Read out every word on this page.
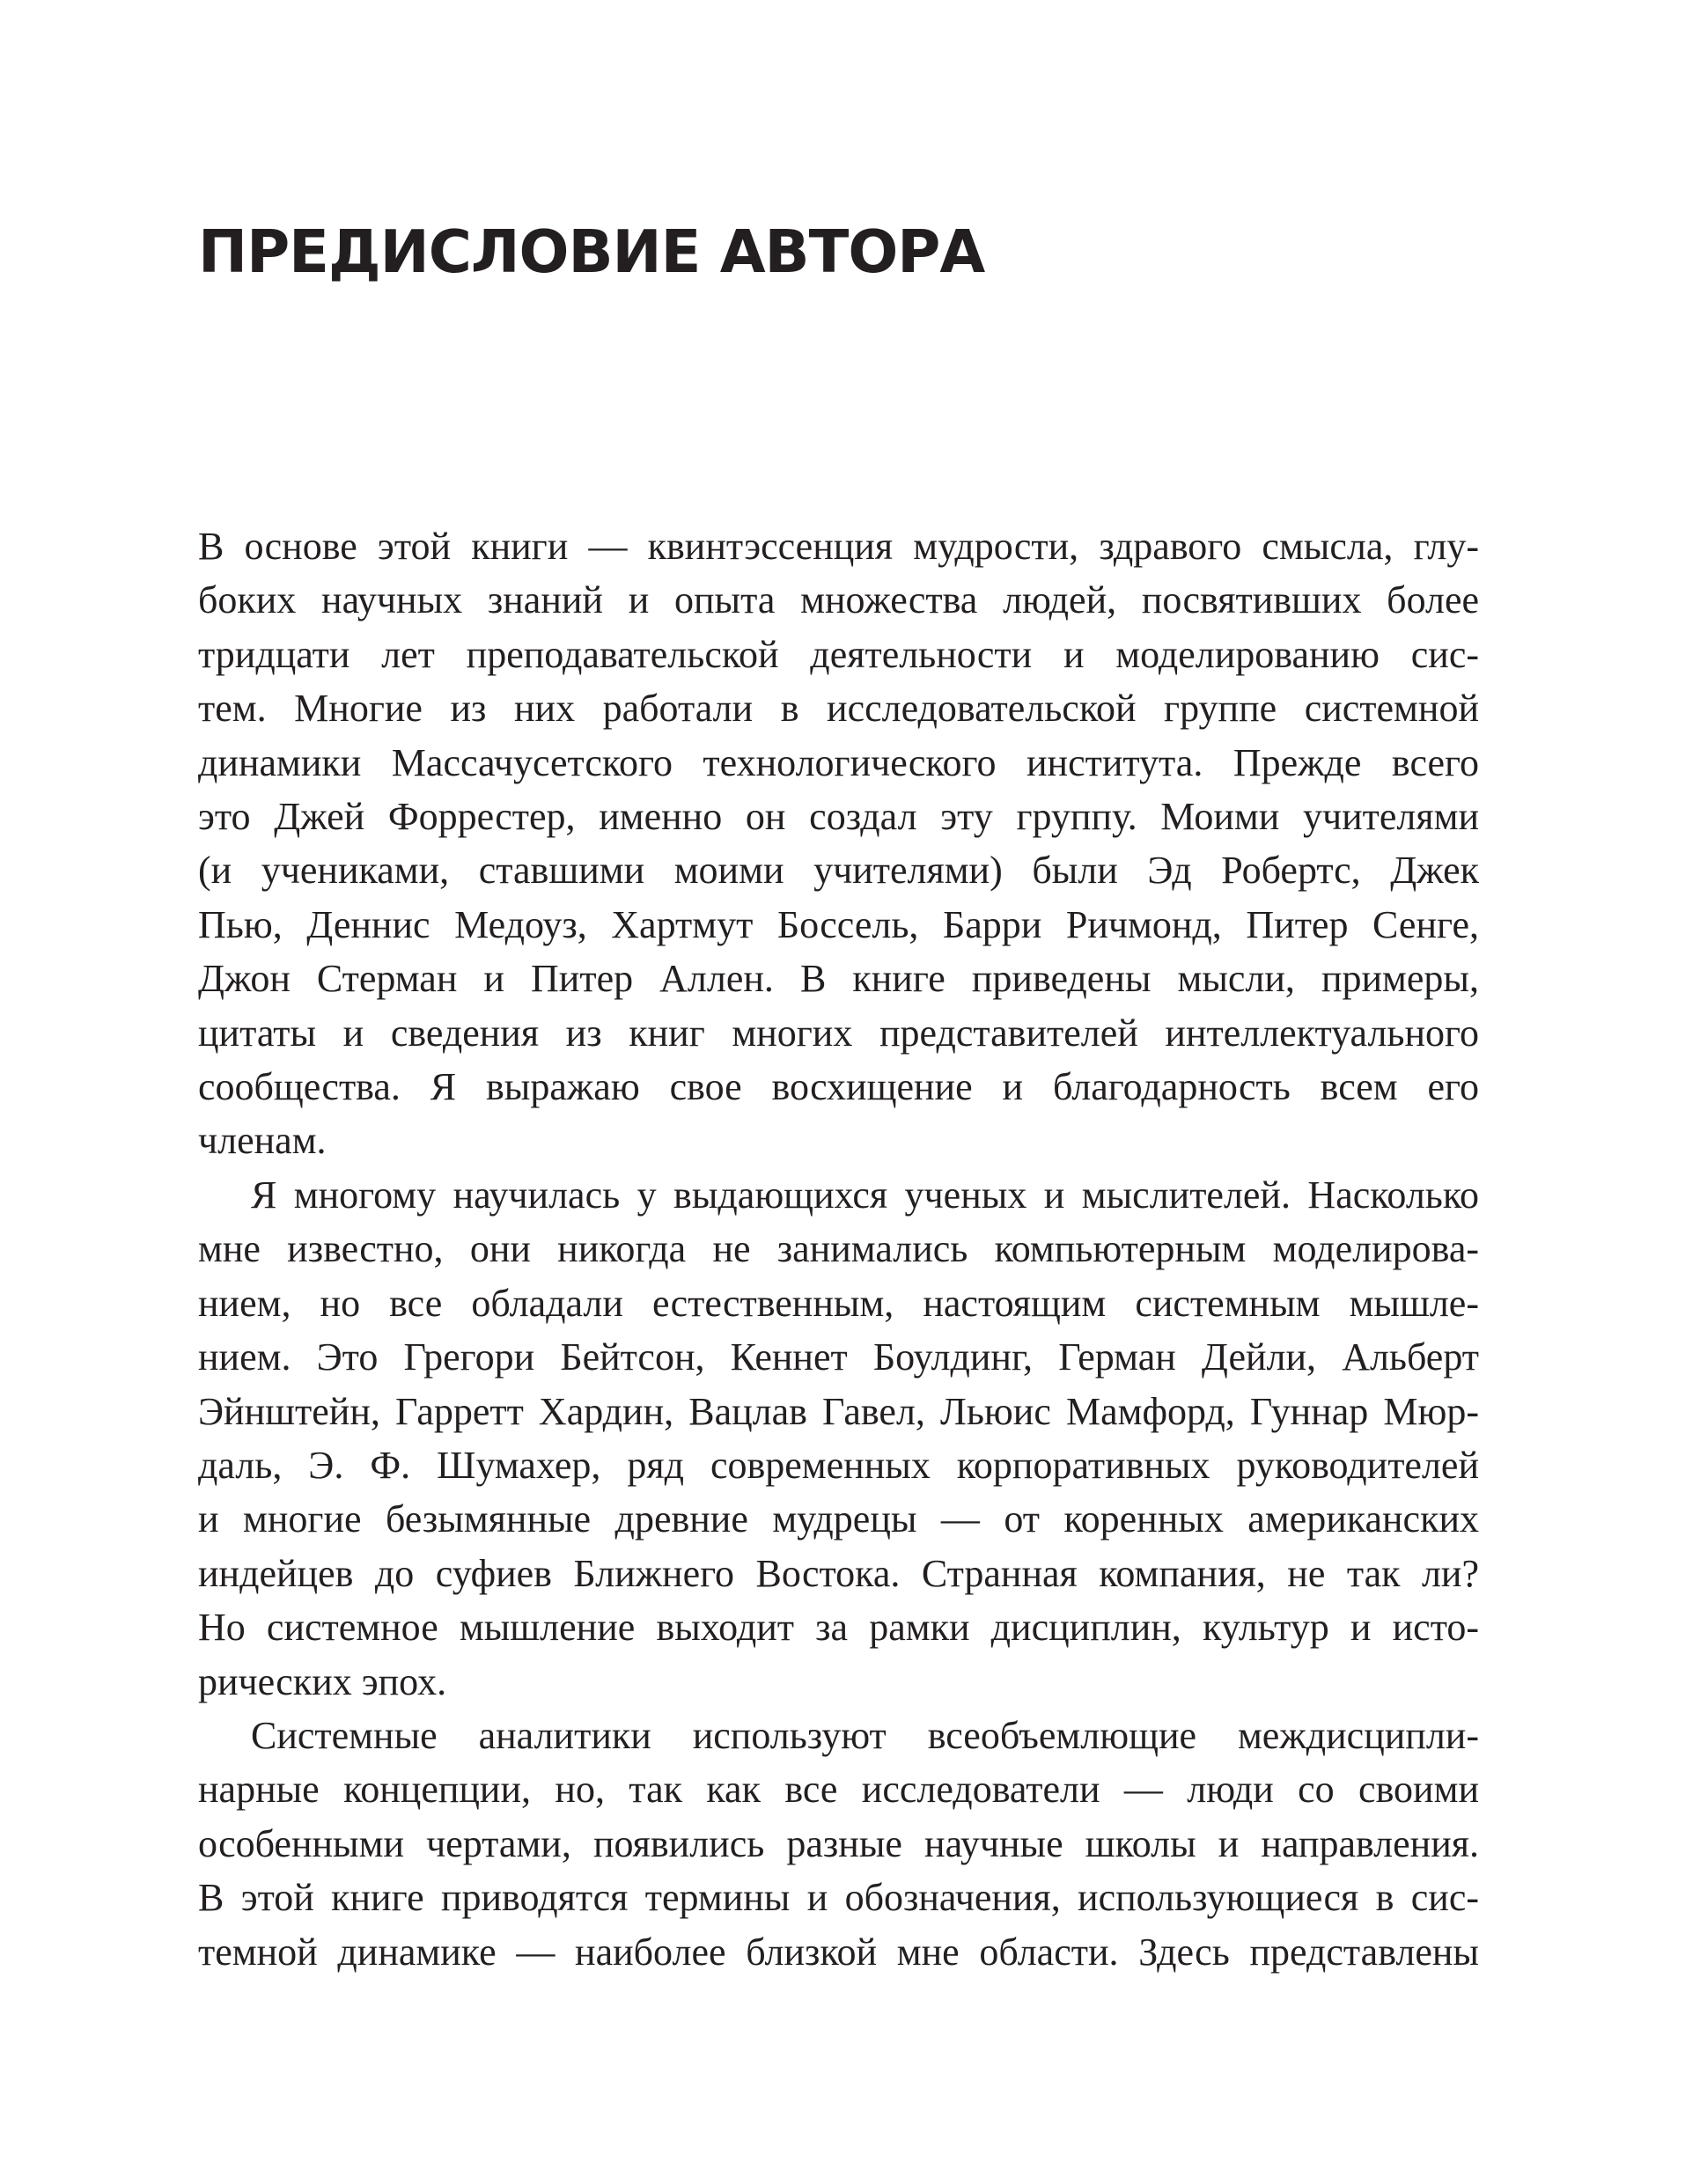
ПРЕДИСЛОВИЕ АВТОРА

В основе этой книги — квинтэссенция мудрости, здравого смысла, глу-
боких научных знаний и опыта множества людей, посвятивших более
тридцати лет преподавательской деятельности и моделированию сис-
тем. Многие из них работали в исследовательской группе системной
динамики Массачусетского технологического института. Прежде всего
это Джей Форрестер, именно он создал эту группу. Моими учителями
(и учениками, ставшими моими учителями) были Эд Робертс, Джек
Пью, Деннис Медоуз, Хартмут Боссель, Барри Ричмонд, Питер Сенге,
Джон Стерман и Питер Аллен. В книге приведены мысли, примеры,
цитаты и сведения из книг многих представителей интеллектуального
сообщества. Я выражаю свое восхищение и благодарность всем его
членам.

Я многому научилась у выдающихся ученых и мыслителей. Насколько
мне известно, они никогда не занимались компьютерным моделирова-
нием, но все обладали естественным, настоящим системным мышле-
нием. Это Грегори Бейтсон, Кеннет Боулдинг, Герман Дейли, Альберт
Эйнштейн, Гарретт Хардин, Вацлав Гавел, Льюис Мамфорд, Гуннар Мюр-
даль, Э. Ф. Шумахер, ряд современных корпоративных руководителей
и многие безымянные древние мудрецы — от коренных американских
индейцев до суфиев Ближнего Востока. Странная компания, не так ли?
Но системное мышление выходит за рамки дисциплин, культур и исто-
рических эпох.

Системные аналитики используют всеобъемлющие междисципли-
нарные концепции, но, так как все исследователи — люди со своими
особенными чертами, появились разные научные школы и направления.
В этой книге приводятся термины и обозначения, использующиеся в сис-
темной динамике — наиболее близкой мне области. Здесь представлены
